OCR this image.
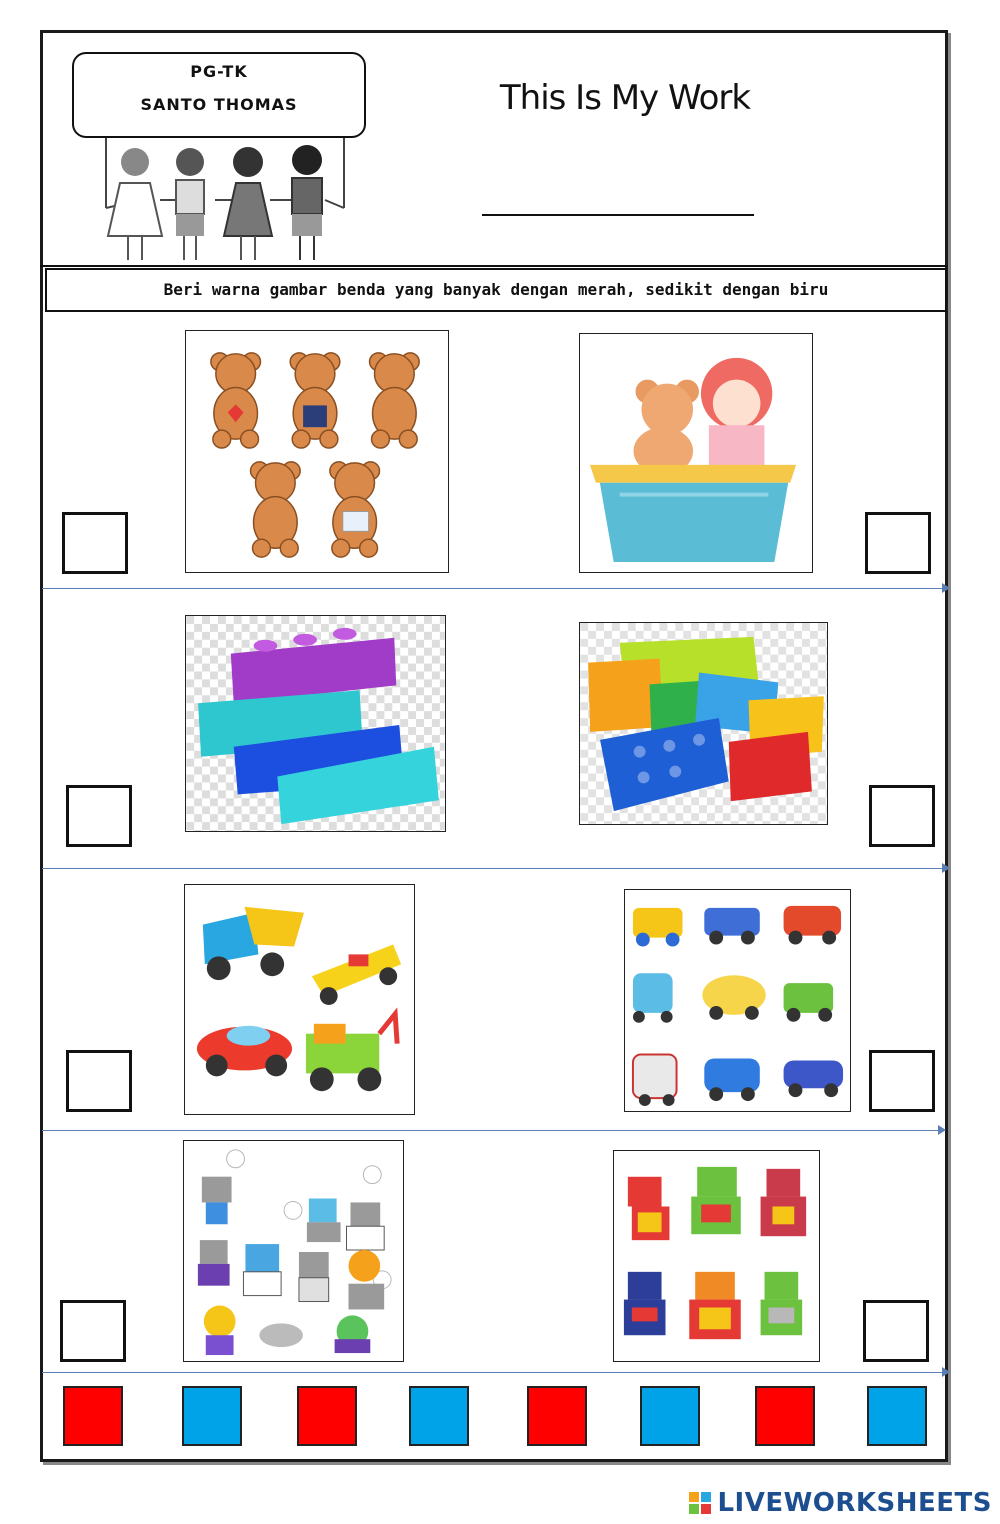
PG-TK
SANTO THOMAS	This Is My Work
Beri warna gambar benda yang banyak dengan merah, sedikit dengan biru
LIVEWORKSHEETS
